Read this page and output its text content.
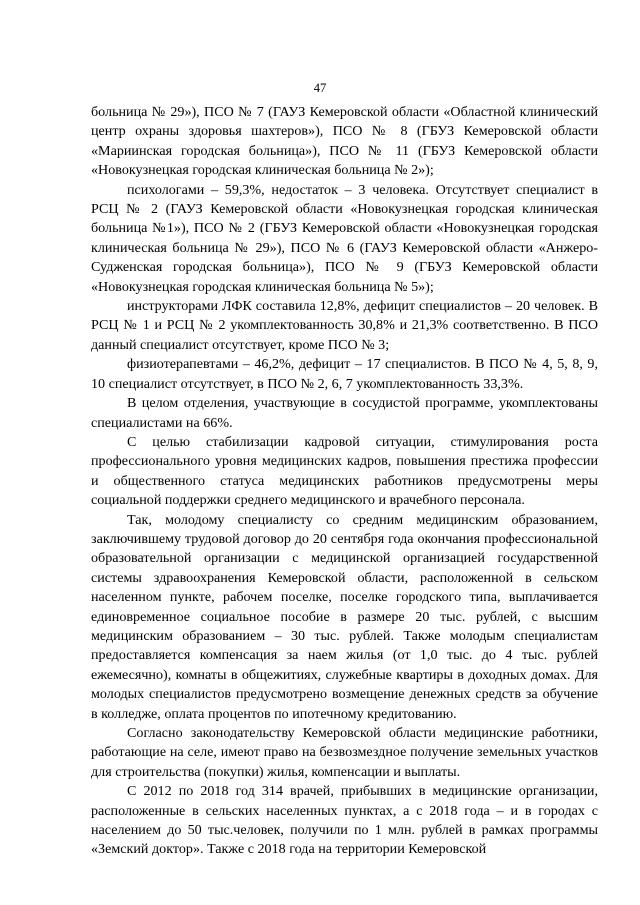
47

больница № 29»), ПСО № 7 (ГАУЗ Кемеровской области «Областной клинический центр охраны здоровья шахтеров»), ПСО № 8 (ГБУЗ Кемеровской области «Мариинская городская больница»), ПСО № 11 (ГБУЗ Кемеровской области «Новокузнецкая городская клиническая больница № 2»);

психологами – 59,3%, недостаток – 3 человека. Отсутствует специалист в РСЦ № 2 (ГАУЗ Кемеровской области «Новокузнецкая городская клиническая больница №1»), ПСО № 2 (ГБУЗ Кемеровской области «Новокузнецкая городская клиническая больница № 29»), ПСО № 6 (ГАУЗ Кемеровской области «Анжеро-Судженская городская больница»), ПСО № 9 (ГБУЗ Кемеровской области «Новокузнецкая городская клиническая больница № 5»);

инструкторами ЛФК составила 12,8%, дефицит специалистов – 20 человек. В РСЦ № 1 и РСЦ № 2 укомплектованность 30,8% и 21,3% соответственно. В ПСО данный специалист отсутствует, кроме ПСО № 3;

физиотерапевтами – 46,2%, дефицит – 17 специалистов. В ПСО № 4, 5, 8, 9, 10 специалист отсутствует, в ПСО № 2, 6, 7 укомплектованность 33,3%.

В целом отделения, участвующие в сосудистой программе, укомплектованы специалистами на 66%.

С целью стабилизации кадровой ситуации, стимулирования роста профессионального уровня медицинских кадров, повышения престижа профессии и общественного статуса медицинских работников предусмотрены меры социальной поддержки среднего медицинского и врачебного персонала.

Так, молодому специалисту со средним медицинским образованием, заключившему трудовой договор до 20 сентября года окончания профессиональной образовательной организации с медицинской организацией государственной системы здравоохранения Кемеровской области, расположенной в сельском населенном пункте, рабочем поселке, поселке городского типа, выплачивается единовременное социальное пособие в размере 20 тыс. рублей, с высшим медицинским образованием – 30 тыс. рублей. Также молодым специалистам предоставляется компенсация за наем жилья (от 1,0 тыс. до 4 тыс. рублей ежемесячно), комнаты в общежитиях, служебные квартиры в доходных домах. Для молодых специалистов предусмотрено возмещение денежных средств за обучение в колледже, оплата процентов по ипотечному кредитованию.

Согласно законодательству Кемеровской области медицинские работники, работающие на селе, имеют право на безвозмездное получение земельных участков для строительства (покупки) жилья, компенсации и выплаты.

С 2012 по 2018 год 314 врачей, прибывших в медицинские организации, расположенные в сельских населенных пунктах, а с 2018 года – и в городах с населением до 50 тыс.человек, получили по 1 млн. рублей в рамках программы «Земский доктор». Также с 2018 года на территории Кемеровской
